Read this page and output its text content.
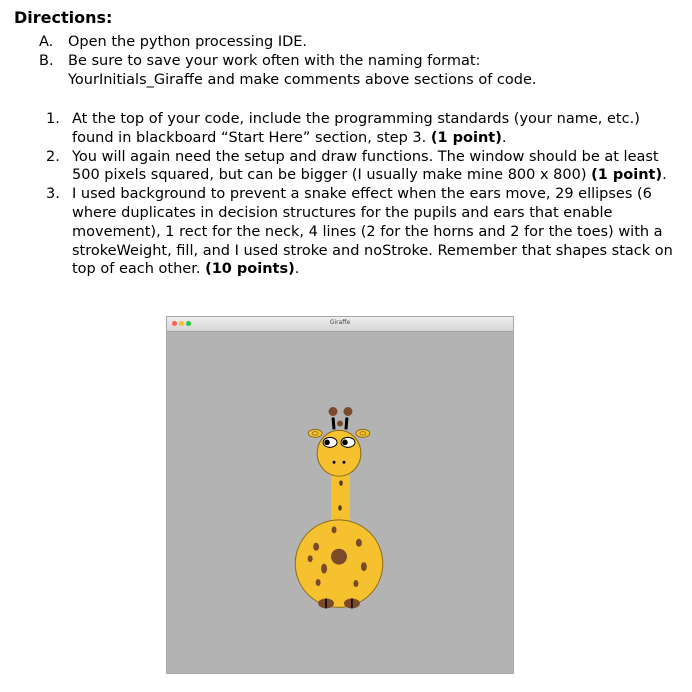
Directions:
A. Open the python processing IDE.
B. Be sure to save your work often with the naming format:
YourInitials_Giraffe and make comments above sections of code.
1. At the top of your code, include the programming standards (your name, etc.) found in blackboard “Start Here” section, step 3. (1 point).
2. You will again need the setup and draw functions. The window should be at least 500 pixels squared, but can be bigger (I usually make mine 800 x 800) (1 point).
3. I used background to prevent a snake effect when the ears move, 29 ellipses (6 where duplicates in decision structures for the pupils and ears that enable movement), 1 rect for the neck, 4 lines (2 for the horns and 2 for the toes) with a strokeWeight, fill, and I used stroke and noStroke. Remember that shapes stack on top of each other. (10 points).
Giraffe
